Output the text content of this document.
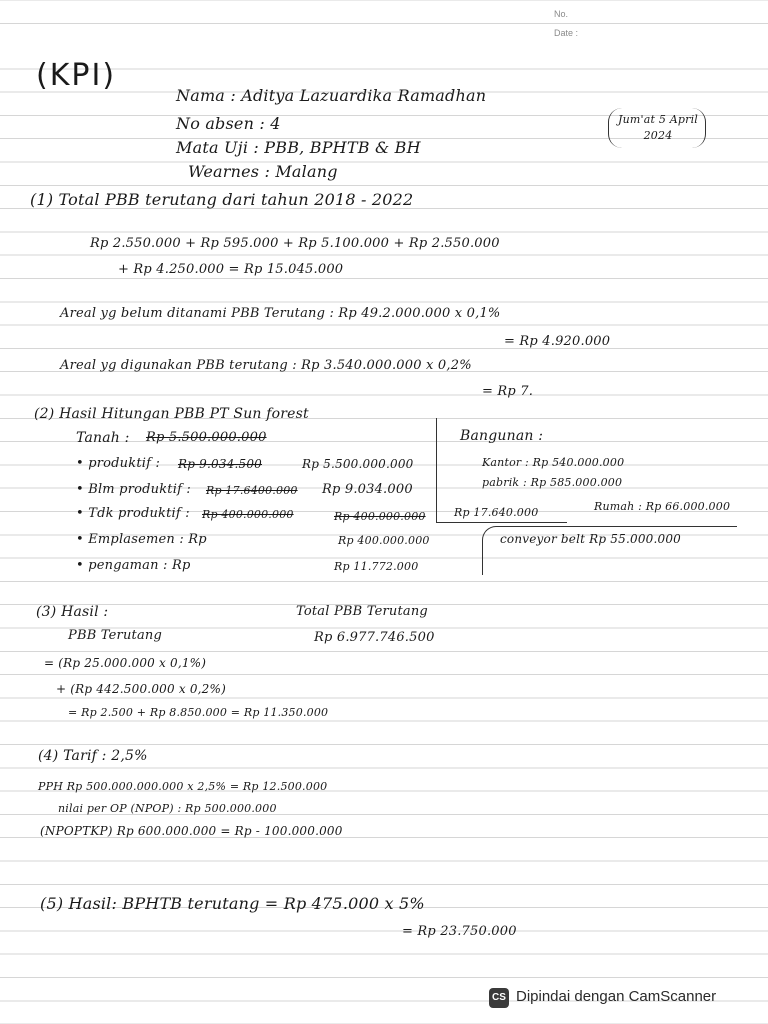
No.
Date :
(KPI)
Nama : Aditya Lazuardika Ramadhan
No absen : 4
Mata Uji : PBB, BPHTB & BH
Wearnes : Malang
Jum'at 5 April 2024
(1) Total PBB terutang dari tahun 2018 - 2022
Rp 2.550.000 + Rp 595.000 + Rp 5.100.000 + Rp 2.550.000
+ Rp 4.250.000 = Rp 15.045.000
Areal yg belum ditanami PBB Terutang : Rp 49.2.000.000 x 0,1%
= Rp 4.920.000
Areal yg digunakan PBB terutang : Rp 3.540.000.000 x 0,2%
= Rp 7.
(2) Hasil Hitungan PBB PT Sun forest
Tanah : Rp 5.500.000.000
• produktif : Rp 9.034.500	Rp 5.500.000.000
• Blm produktif : Rp 17.6400.000 Rp 9.034.000
• Tdk produktif : Rp 400.000.000	Rp 400.000.000	Rp 17.640.000
• Emplasemen : Rp	Rp 400.000.000
• pengaman : Rp	Rp 11.772.000
Bangunan :
Kantor : Rp 540.000.000
pabrik : Rp 585.000.000
Rumah : Rp 66.000.000
conveyor belt Rp 55.000.000
(3) Hasil :	Total PBB Terutang
PBB Terutang	Rp 6.977.746.500
= (Rp 25.000.000 x 0,1%)
+ (Rp 442.500.000 x 0,2%)
= Rp 2.500 + Rp 8.850.000 = Rp 11.350.000
(4) Tarif : 2,5%
PPH Rp 500.000.000.000 x 2,5% = Rp 12.500.000
nilai per OP (NPOP) : Rp 500.000.000
(NPOPTKP) Rp 600.000.000 = Rp - 100.000.000
(5) Hasil: BPHTB terutang = Rp 475.000 x 5%
= Rp 23.750.000
CS Dipindai dengan CamScanner
